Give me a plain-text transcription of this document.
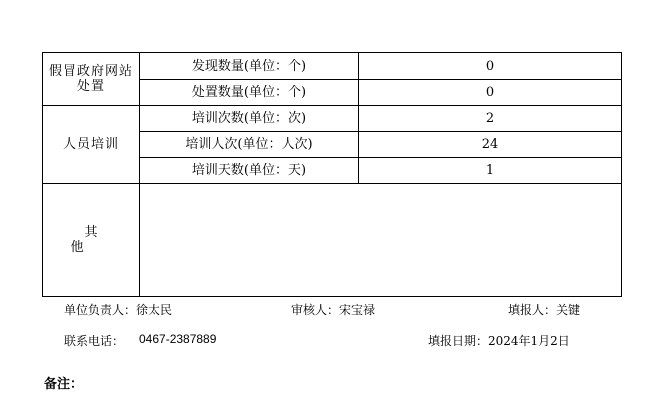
假冒政府网站
处置	发现数量(单位：个)	0
	处置数量(单位：个)	0
人员培训	培训次数(单位：次)	2
	培训人次(单位：人次)	24
	培训天数(单位：天)	1
其他		
单位负责人：徐太民	审核人：宋宝禄	填报人：关键
联系电话： 0467-2387889	填报日期：2024年1月2日
备注：
